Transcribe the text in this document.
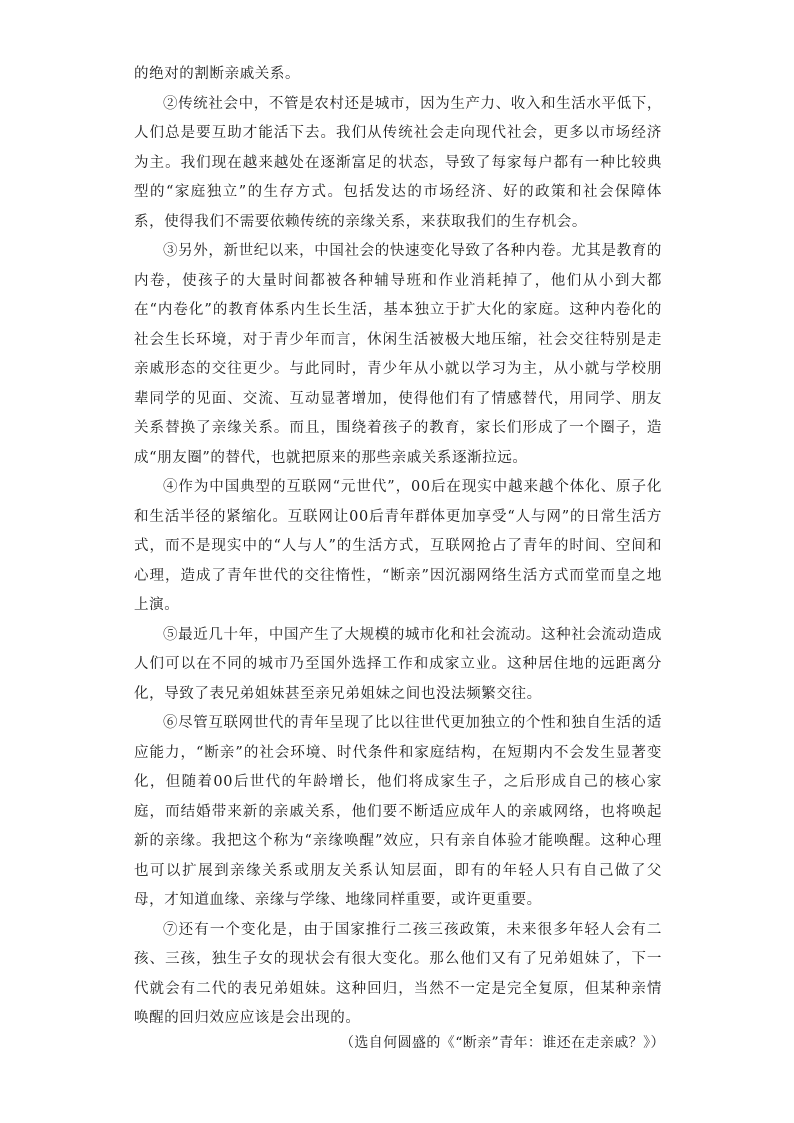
的绝对的割断亲戚关系。

②传统社会中，不管是农村还是城市，因为生产力、收入和生活水平低下，人们总是要互助才能活下去。我们从传统社会走向现代社会，更多以市场经济为主。我们现在越来越处在逐渐富足的状态，导致了每家每户都有一种比较典型的“家庭独立”的生存方式。包括发达的市场经济、好的政策和社会保障体系，使得我们不需要依赖传统的亲缘关系，来获取我们的生存机会。

③另外，新世纪以来，中国社会的快速变化导致了各种内卷。尤其是教育的内卷，使孩子的大量时间都被各种辅导班和作业消耗掉了，他们从小到大都在“内卷化”的教育体系内生长生活，基本独立于扩大化的家庭。这种内卷化的社会生长环境，对于青少年而言，休闲生活被极大地压缩，社会交往特别是走亲戚形态的交往更少。与此同时，青少年从小就以学习为主，从小就与学校朋辈同学的见面、交流、互动显著增加，使得他们有了情感替代，用同学、朋友关系替换了亲缘关系。而且，围绕着孩子的教育，家长们形成了一个圈子，造成“朋友圈”的替代，也就把原来的那些亲戚关系逐渐拉远。

④作为中国典型的互联网“元世代”，00后在现实中越来越个体化、原子化和生活半径的紧缩化。互联网让00后青年群体更加享受“人与网”的日常生活方式，而不是现实中的“人与人”的生活方式，互联网抢占了青年的时间、空间和心理，造成了青年世代的交往惰性，“断亲”因沉溺网络生活方式而堂而皇之地上演。

⑤最近几十年，中国产生了大规模的城市化和社会流动。这种社会流动造成人们可以在不同的城市乃至国外选择工作和成家立业。这种居住地的远距离分化，导致了表兄弟姐妹甚至亲兄弟姐妹之间也没法频繁交往。

⑥尽管互联网世代的青年呈现了比以往世代更加独立的个性和独自生活的适应能力，“断亲”的社会环境、时代条件和家庭结构，在短期内不会发生显著变化，但随着00后世代的年龄增长，他们将成家生子，之后形成自己的核心家庭，而结婚带来新的亲戚关系，他们要不断适应成年人的亲戚网络，也将唤起新的亲缘。我把这个称为“亲缘唤醒”效应，只有亲自体验才能唤醒。这种心理也可以扩展到亲缘关系或朋友关系认知层面，即有的年轻人只有自己做了父母，才知道血缘、亲缘与学缘、地缘同样重要，或许更重要。

⑦还有一个变化是，由于国家推行二孩三孩政策，未来很多年轻人会有二孩、三孩，独生子女的现状会有很大变化。那么他们又有了兄弟姐妹了，下一代就会有二代的表兄弟姐妹。这种回归，当然不一定是完全复原，但某种亲情唤醒的回归效应应该是会出现的。

（选自何圆盛的《“断亲”青年：谁还在走亲戚？》）
